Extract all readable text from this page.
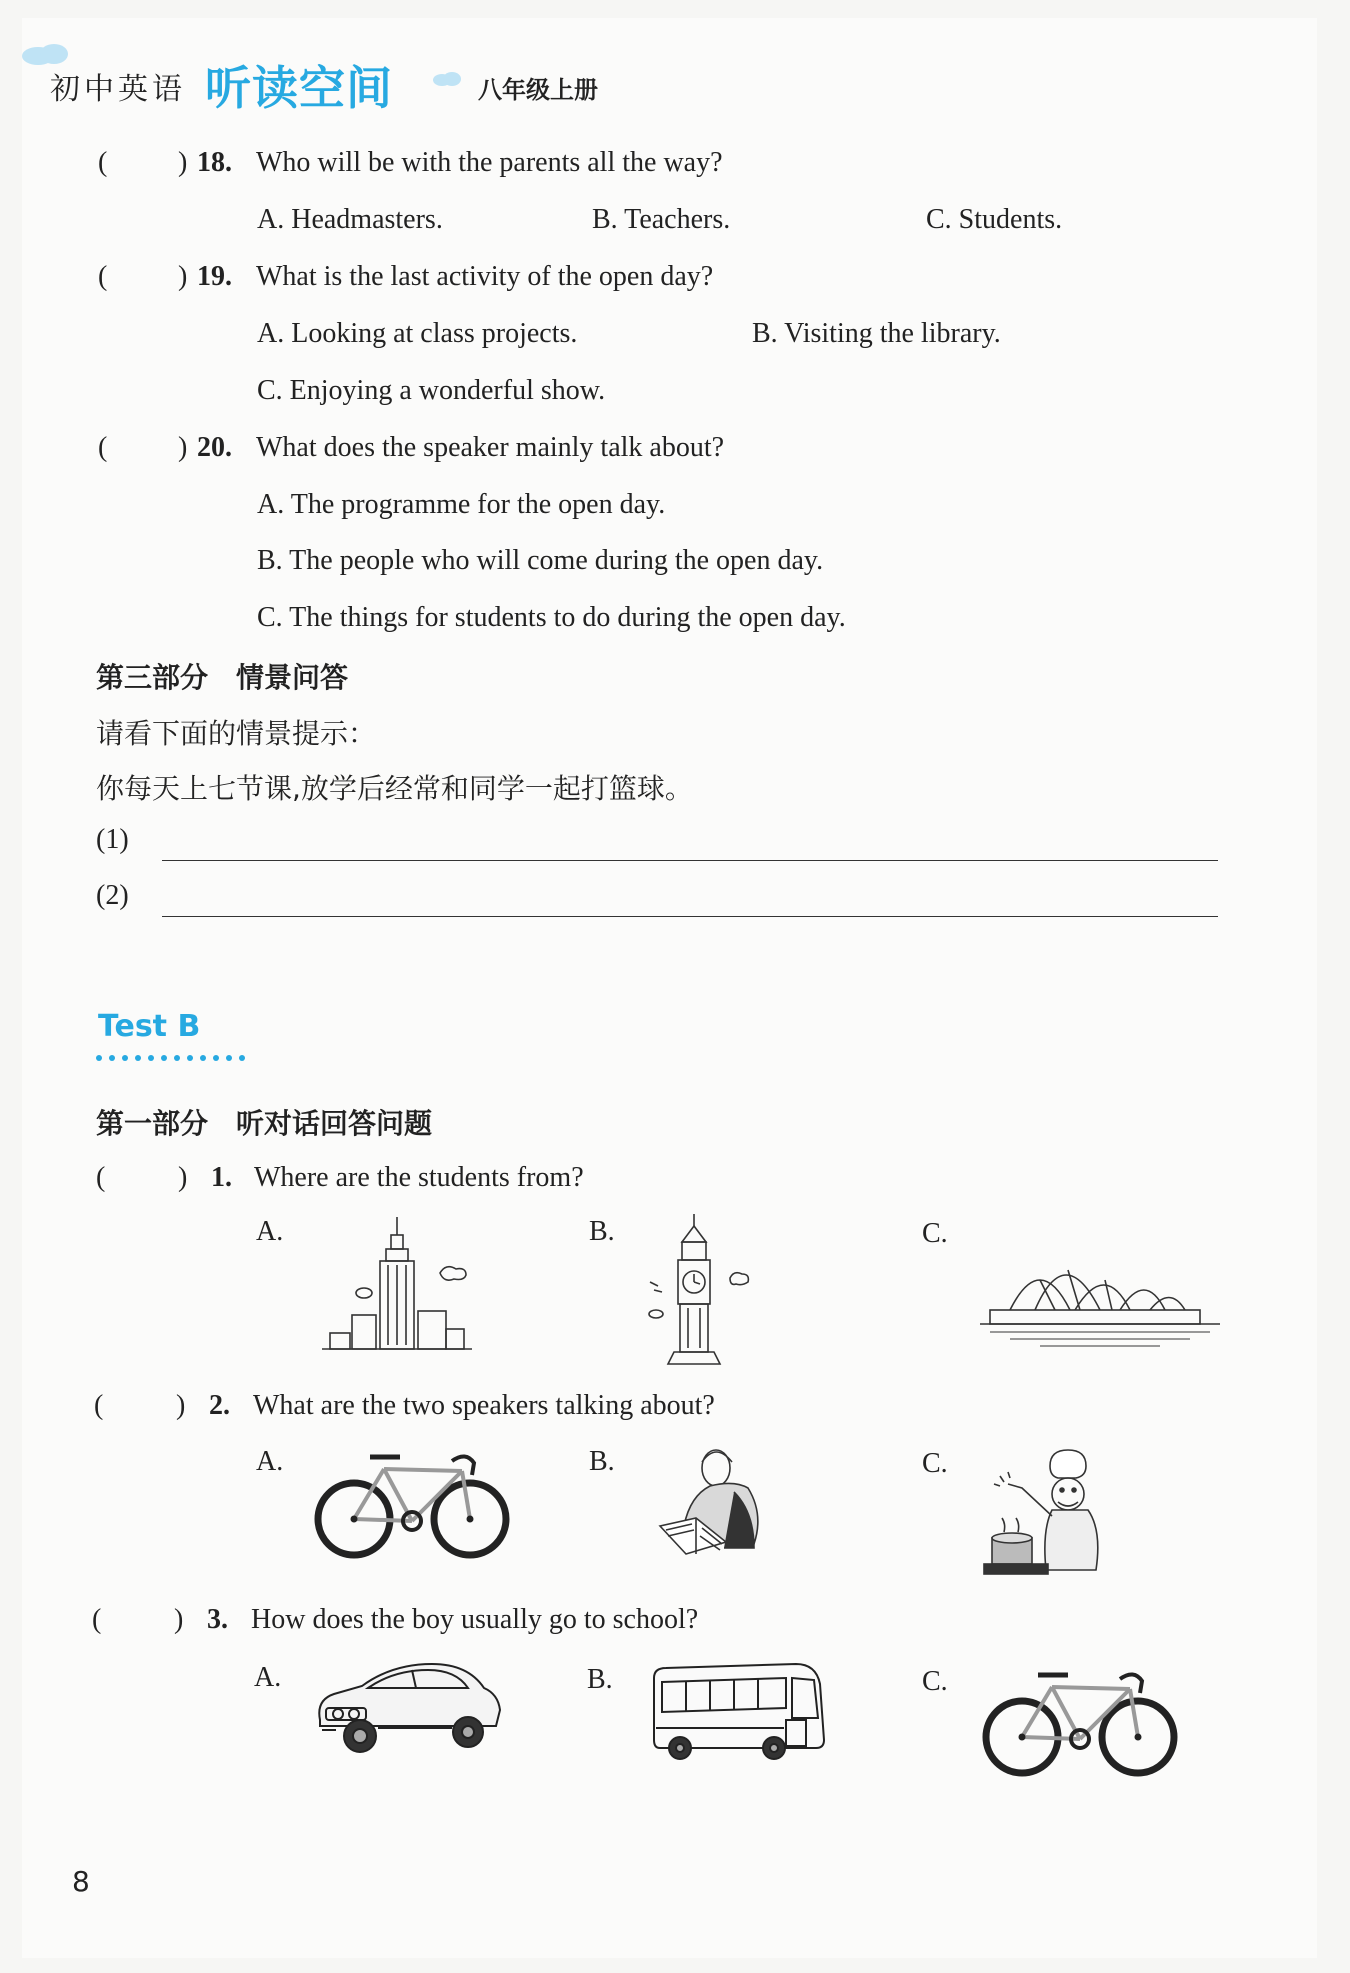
初中英语 听读空间	八年级上册
(	) 18. Who will be with the parents all the way?
A. Headmasters.	B. Teachers.	C. Students.
(	) 19. What is the last activity of the open day?
A. Looking at class projects.	B. Visiting the library.
C. Enjoying a wonderful show.
(	) 20. What does the speaker mainly talk about?
A. The programme for the open day.
B. The people who will come during the open day.
C. The things for students to do during the open day.
第三部分　情景问答
请看下面的情景提示：
你每天上七节课,放学后经常和同学一起打篮球。
(1)
(2)
Test B
第一部分　听对话回答问题
(	) 1. Where are the students from?
A.	B.	C.
(	) 2. What are the two speakers talking about?
A.	B.	C.
(	) 3. How does the boy usually go to school?
A.	B.	C.
8
